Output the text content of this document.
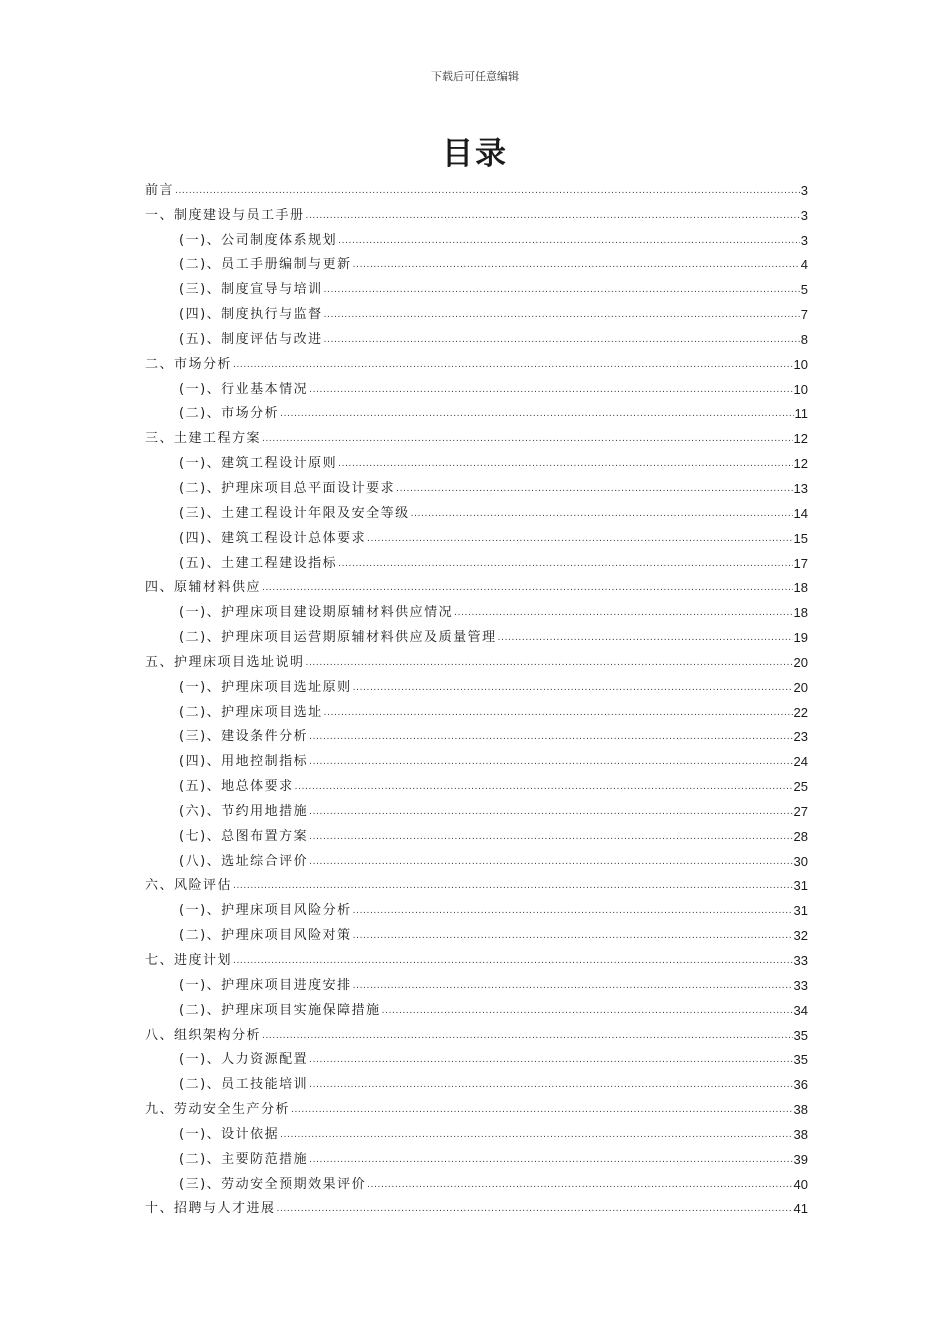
下载后可任意编辑
目录
前言 .....	3
一、制度建设与员工手册 .....	3
(一)、公司制度体系规划 .....	3
(二)、员工手册编制与更新 .....	4
(三)、制度宣导与培训 .....	5
(四)、制度执行与监督 .....	7
(五)、制度评估与改进 .....	8
二、市场分析 .....	10
(一)、行业基本情况 .....	10
(二)、市场分析 .....	11
三、土建工程方案 .....	12
(一)、建筑工程设计原则 .....	12
(二)、护理床项目总平面设计要求 .....	13
(三)、土建工程设计年限及安全等级 .....	14
(四)、建筑工程设计总体要求 .....	15
(五)、土建工程建设指标 .....	17
四、原辅材料供应 .....	18
(一)、护理床项目建设期原辅材料供应情况 .....	18
(二)、护理床项目运营期原辅材料供应及质量管理 .....	19
五、护理床项目选址说明 .....	20
(一)、护理床项目选址原则 .....	20
(二)、护理床项目选址 .....	22
(三)、建设条件分析 .....	23
(四)、用地控制指标 .....	24
(五)、地总体要求 .....	25
(六)、节约用地措施 .....	27
(七)、总图布置方案 .....	28
(八)、选址综合评价 .....	30
六、风险评估 .....	31
(一)、护理床项目风险分析 .....	31
(二)、护理床项目风险对策 .....	32
七、进度计划 .....	33
(一)、护理床项目进度安排 .....	33
(二)、护理床项目实施保障措施 .....	34
八、组织架构分析 .....	35
(一)、人力资源配置 .....	35
(二)、员工技能培训 .....	36
九、劳动安全生产分析 .....	38
(一)、设计依据 .....	38
(二)、主要防范措施 .....	39
(三)、劳动安全预期效果评价 .....	40
十、招聘与人才进展 .....	41
